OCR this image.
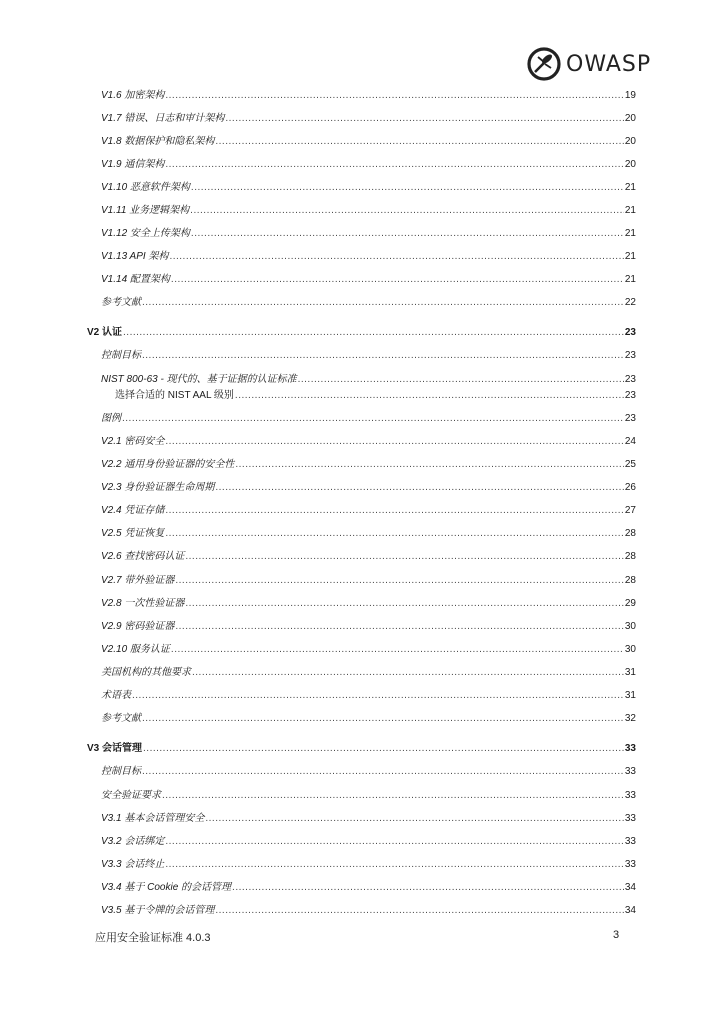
OWASP
V1.6 加密架构 .....	19
V1.7 错误、日志和审计架构 .....	20
V1.8 数据保护和隐私架构 .....	20
V1.9 通信架构 .....	20
V1.10 恶意软件架构 .....	21
V1.11 业务逻辑架构 .....	21
V1.12 安全上传架构 .....	21
V1.13 API 架构 .....	21
V1.14 配置架构 .....	21
参考文献 .....	22
V2 认证 .....	23
控制目标 .....	23
NIST 800-63 - 现代的、基于证据的认证标准 .....	23
选择合适的 NIST AAL 级别 .....	23
图例 .....	23
V2.1 密码安全 .....	24
V2.2 通用身份验证器的安全性 .....	25
V2.3 身份验证器生命周期 .....	26
V2.4 凭证存储 .....	27
V2.5 凭证恢复 .....	28
V2.6 查找密码认证 .....	28
V2.7 带外验证器 .....	28
V2.8 一次性验证器 .....	29
V2.9 密码验证器 .....	30
V2.10 服务认证 .....	30
美国机构的其他要求 .....	31
术语表 .....	31
参考文献 .....	32
V3 会话管理 .....	33
控制目标 .....	33
安全验证要求 .....	33
V3.1 基本会话管理安全 .....	33
V3.2 会话绑定 .....	33
V3.3 会话终止 .....	33
V3.4 基于 Cookie 的会话管理 .....	34
V3.5 基于令牌的会话管理 .....	34
应用安全验证标准 4.0.3	3
